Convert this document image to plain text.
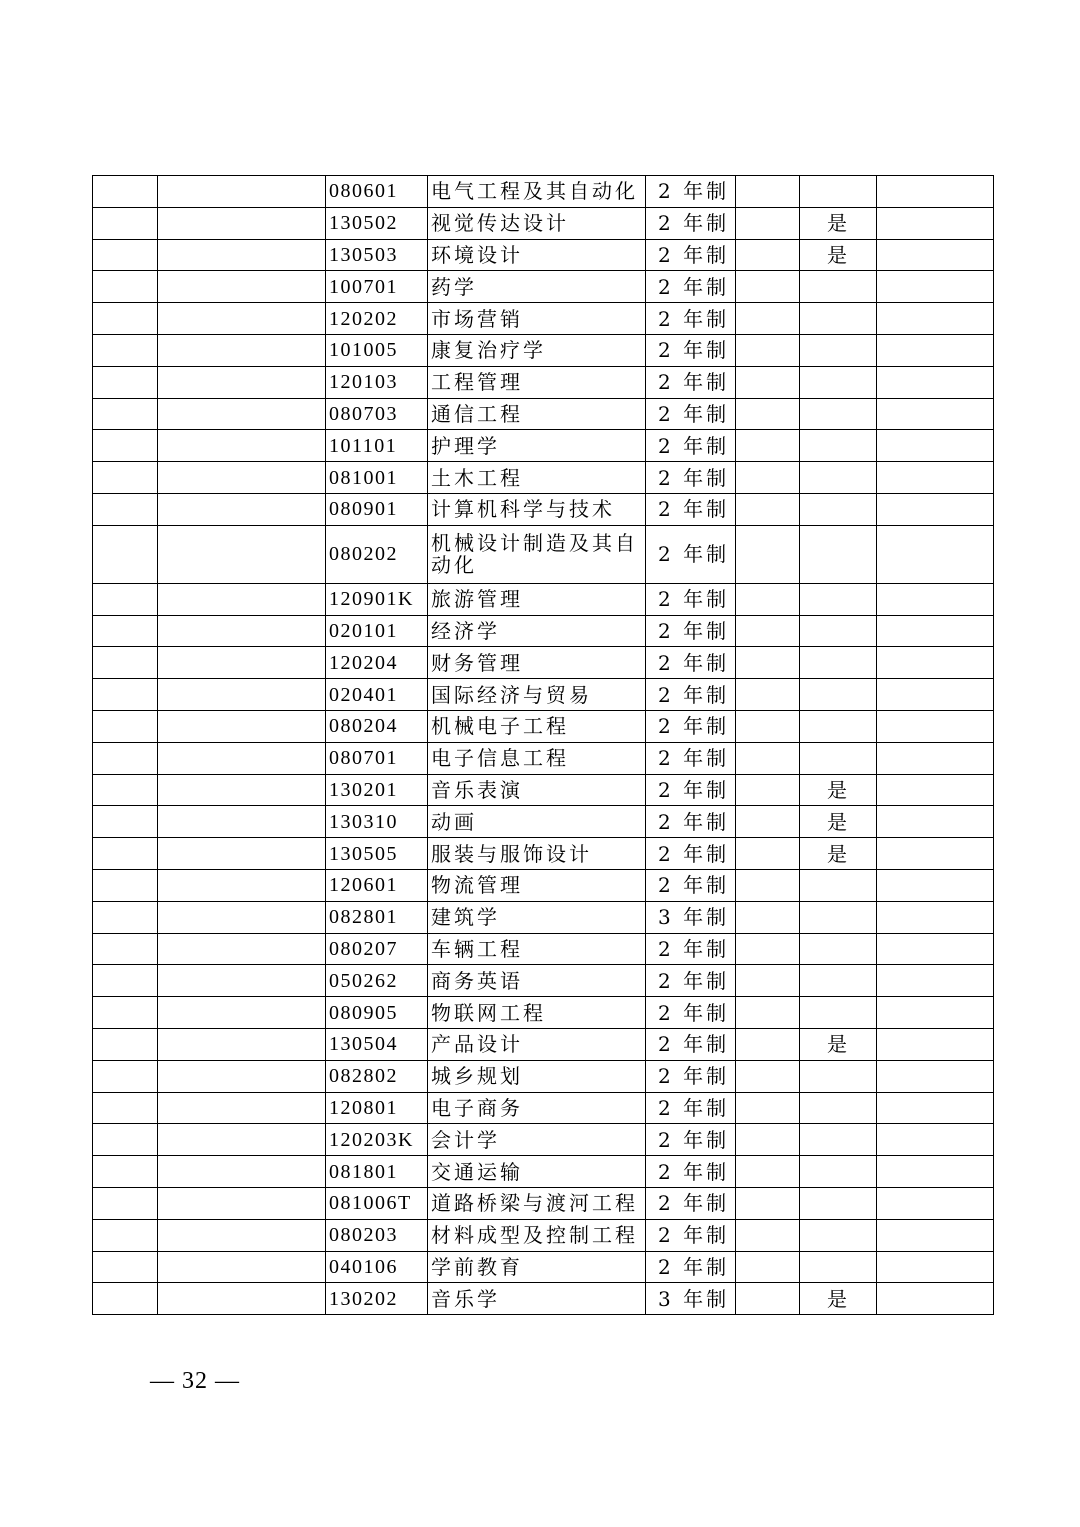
		080601	电气工程及其自动化	2 年制			
		130502	视觉传达设计	2 年制		是	
		130503	环境设计	2 年制		是	
		100701	药学	2 年制			
		120202	市场营销	2 年制			
		101005	康复治疗学	2 年制			
		120103	工程管理	2 年制			
		080703	通信工程	2 年制			
		101101	护理学	2 年制			
		081001	土木工程	2 年制			
		080901	计算机科学与技术	2 年制			
		080202	机械设计制造及其自动化	2 年制			
		120901K	旅游管理	2 年制			
		020101	经济学	2 年制			
		120204	财务管理	2 年制			
		020401	国际经济与贸易	2 年制			
		080204	机械电子工程	2 年制			
		080701	电子信息工程	2 年制			
		130201	音乐表演	2 年制		是	
		130310	动画	2 年制		是	
		130505	服装与服饰设计	2 年制		是	
		120601	物流管理	2 年制			
		082801	建筑学	3 年制			
		080207	车辆工程	2 年制			
		050262	商务英语	2 年制			
		080905	物联网工程	2 年制			
		130504	产品设计	2 年制		是	
		082802	城乡规划	2 年制			
		120801	电子商务	2 年制			
		120203K	会计学	2 年制			
		081801	交通运输	2 年制			
		081006T	道路桥梁与渡河工程	2 年制			
		080203	材料成型及控制工程	2 年制			
		040106	学前教育	2 年制			
		130202	音乐学	3 年制		是	
— 32 —
